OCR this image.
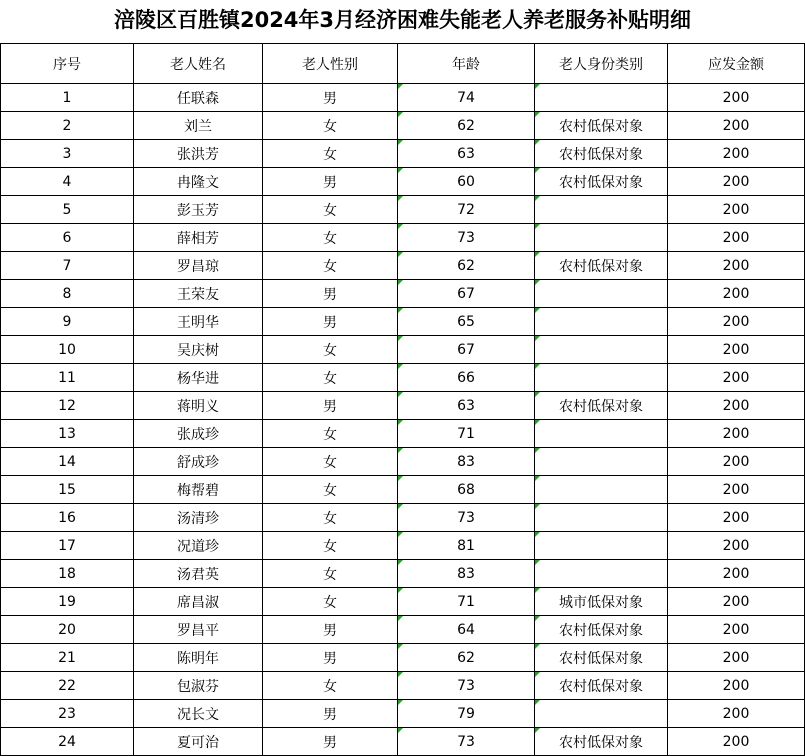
涪陵区百胜镇2024年3月经济困难失能老人养老服务补贴明细
序号	老人姓名	老人性别	年龄	老人身份类别	应发金额
1	任联森	男	74		200
2	刘兰	女	62	农村低保对象	200
3	张洪芳	女	63	农村低保对象	200
4	冉隆文	男	60	农村低保对象	200
5	彭玉芳	女	72		200
6	薛相芳	女	73		200
7	罗昌琼	女	62	农村低保对象	200
8	王荣友	男	67		200
9	王明华	男	65		200
10	吴庆树	女	67		200
11	杨华进	女	66		200
12	蒋明义	男	63	农村低保对象	200
13	张成珍	女	71		200
14	舒成珍	女	83		200
15	梅帮碧	女	68		200
16	汤清珍	女	73		200
17	况道珍	女	81		200
18	汤君英	女	83		200
19	席昌淑	女	71	城市低保对象	200
20	罗昌平	男	64	农村低保对象	200
21	陈明年	男	62	农村低保对象	200
22	包淑芬	女	73	农村低保对象	200
23	况长文	男	79		200
24	夏可治	男	73	农村低保对象	200
